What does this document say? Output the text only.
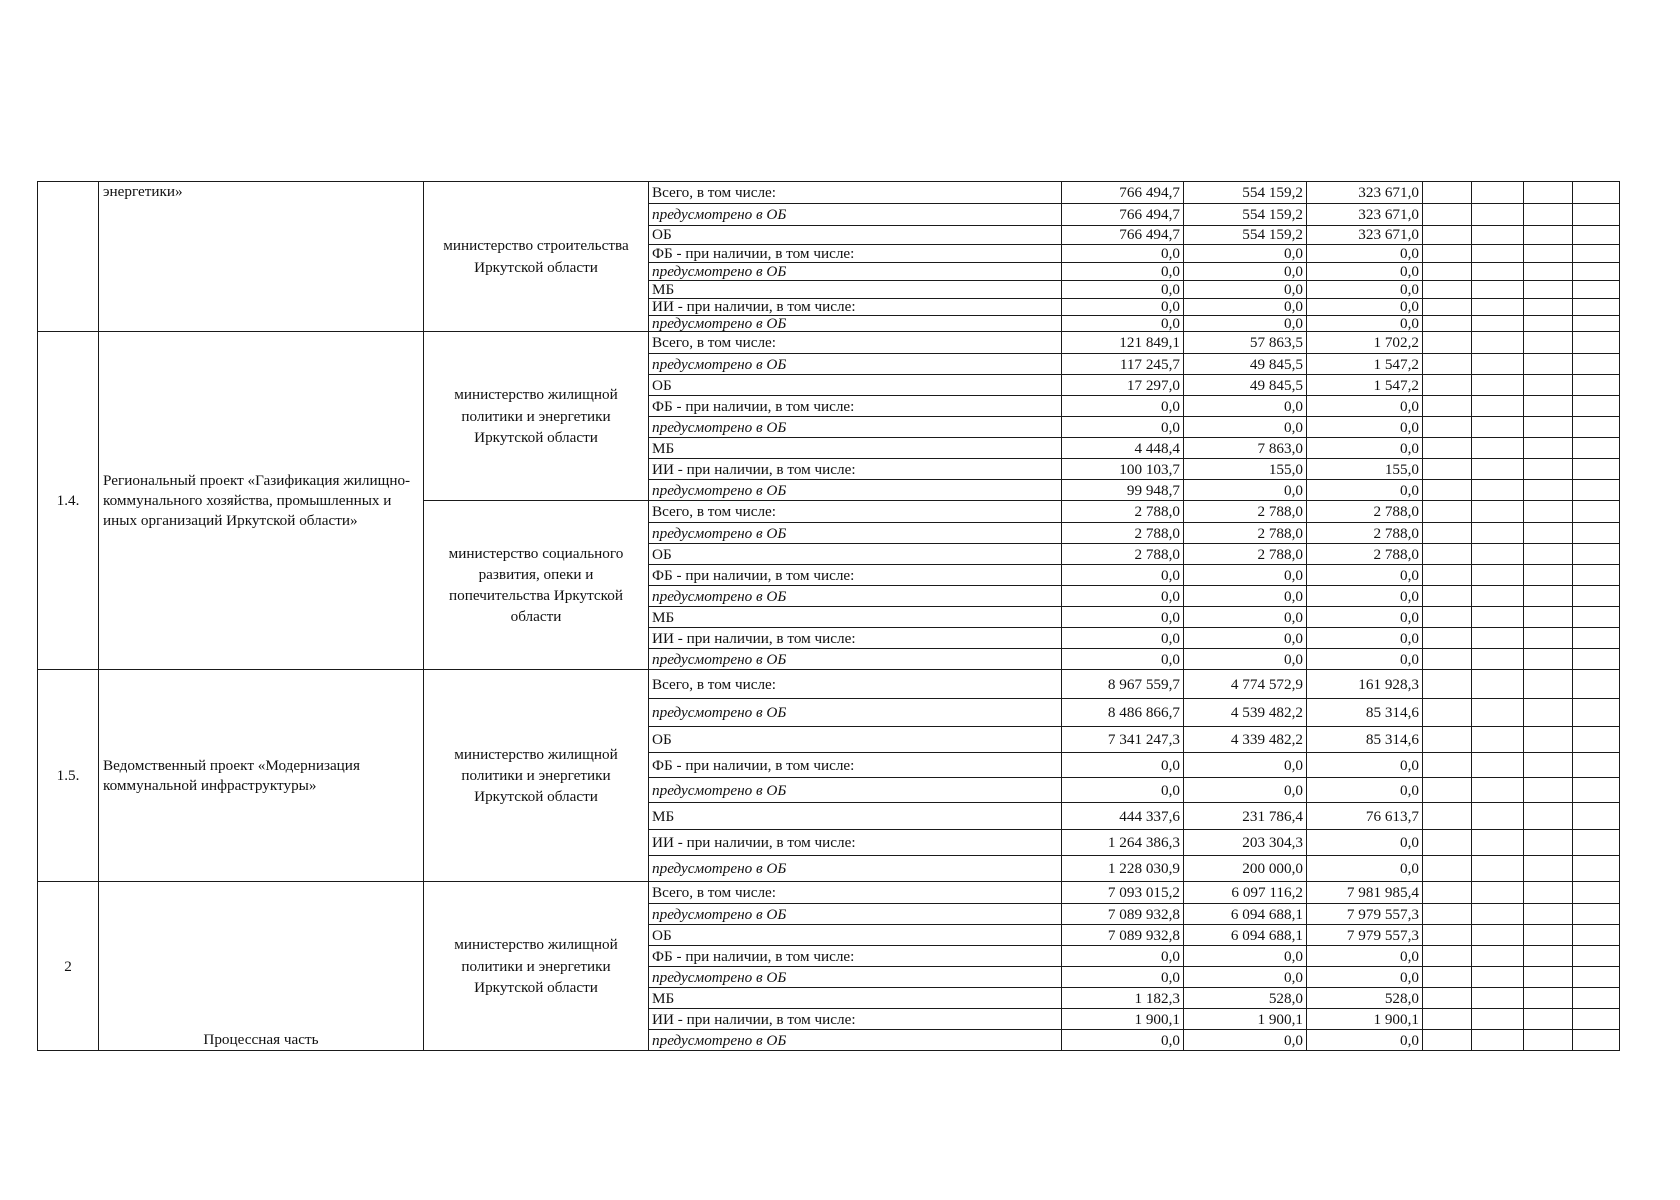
	энергетики»	министерство строительства Иркутской области	Всего, в том числе:	766 494,7	554 159,2	323 671,0				
			предусмотрено в ОБ	766 494,7	554 159,2	323 671,0				
			ОБ	766 494,7	554 159,2	323 671,0				
			ФБ - при наличии, в том числе:	0,0	0,0	0,0				
			предусмотрено в ОБ	0,0	0,0	0,0				
			МБ	0,0	0,0	0,0				
			ИИ - при наличии, в том числе:	0,0	0,0	0,0				
			предусмотрено в ОБ	0,0	0,0	0,0				
1.4.	Региональный проект «Газификация жилищно-коммунального хозяйства, промышленных и иных организаций Иркутской области»	министерство жилищной политики и энергетики Иркутской области	Всего, в том числе:	121 849,1	57 863,5	1 702,2				
			предусмотрено в ОБ	117 245,7	49 845,5	1 547,2				
			ОБ	17 297,0	49 845,5	1 547,2				
			ФБ - при наличии, в том числе:	0,0	0,0	0,0				
			предусмотрено в ОБ	0,0	0,0	0,0				
			МБ	4 448,4	7 863,0	0,0				
			ИИ - при наличии, в том числе:	100 103,7	155,0	155,0				
			предусмотрено в ОБ	99 948,7	0,0	0,0				
		министерство социального развития, опеки и попечительства Иркутской области	Всего, в том числе:	2 788,0	2 788,0	2 788,0				
			предусмотрено в ОБ	2 788,0	2 788,0	2 788,0				
			ОБ	2 788,0	2 788,0	2 788,0				
			ФБ - при наличии, в том числе:	0,0	0,0	0,0				
			предусмотрено в ОБ	0,0	0,0	0,0				
			МБ	0,0	0,0	0,0				
			ИИ - при наличии, в том числе:	0,0	0,0	0,0				
			предусмотрено в ОБ	0,0	0,0	0,0				
1.5.	Ведомственный проект «Модернизация коммунальной инфраструктуры»	министерство жилищной политики и энергетики Иркутской области	Всего, в том числе:	8 967 559,7	4 774 572,9	161 928,3				
			предусмотрено в ОБ	8 486 866,7	4 539 482,2	85 314,6				
			ОБ	7 341 247,3	4 339 482,2	85 314,6				
			ФБ - при наличии, в том числе:	0,0	0,0	0,0				
			предусмотрено в ОБ	0,0	0,0	0,0				
			МБ	444 337,6	231 786,4	76 613,7				
			ИИ - при наличии, в том числе:	1 264 386,3	203 304,3	0,0				
			предусмотрено в ОБ	1 228 030,9	200 000,0	0,0				
2	Процессная часть	министерство жилищной политики и энергетики Иркутской области	Всего, в том числе:	7 093 015,2	6 097 116,2	7 981 985,4				
			предусмотрено в ОБ	7 089 932,8	6 094 688,1	7 979 557,3				
			ОБ	7 089 932,8	6 094 688,1	7 979 557,3				
			ФБ - при наличии, в том числе:	0,0	0,0	0,0				
			предусмотрено в ОБ	0,0	0,0	0,0				
			МБ	1 182,3	528,0	528,0				
			ИИ - при наличии, в том числе:	1 900,1	1 900,1	1 900,1				
			предусмотрено в ОБ	0,0	0,0	0,0				
